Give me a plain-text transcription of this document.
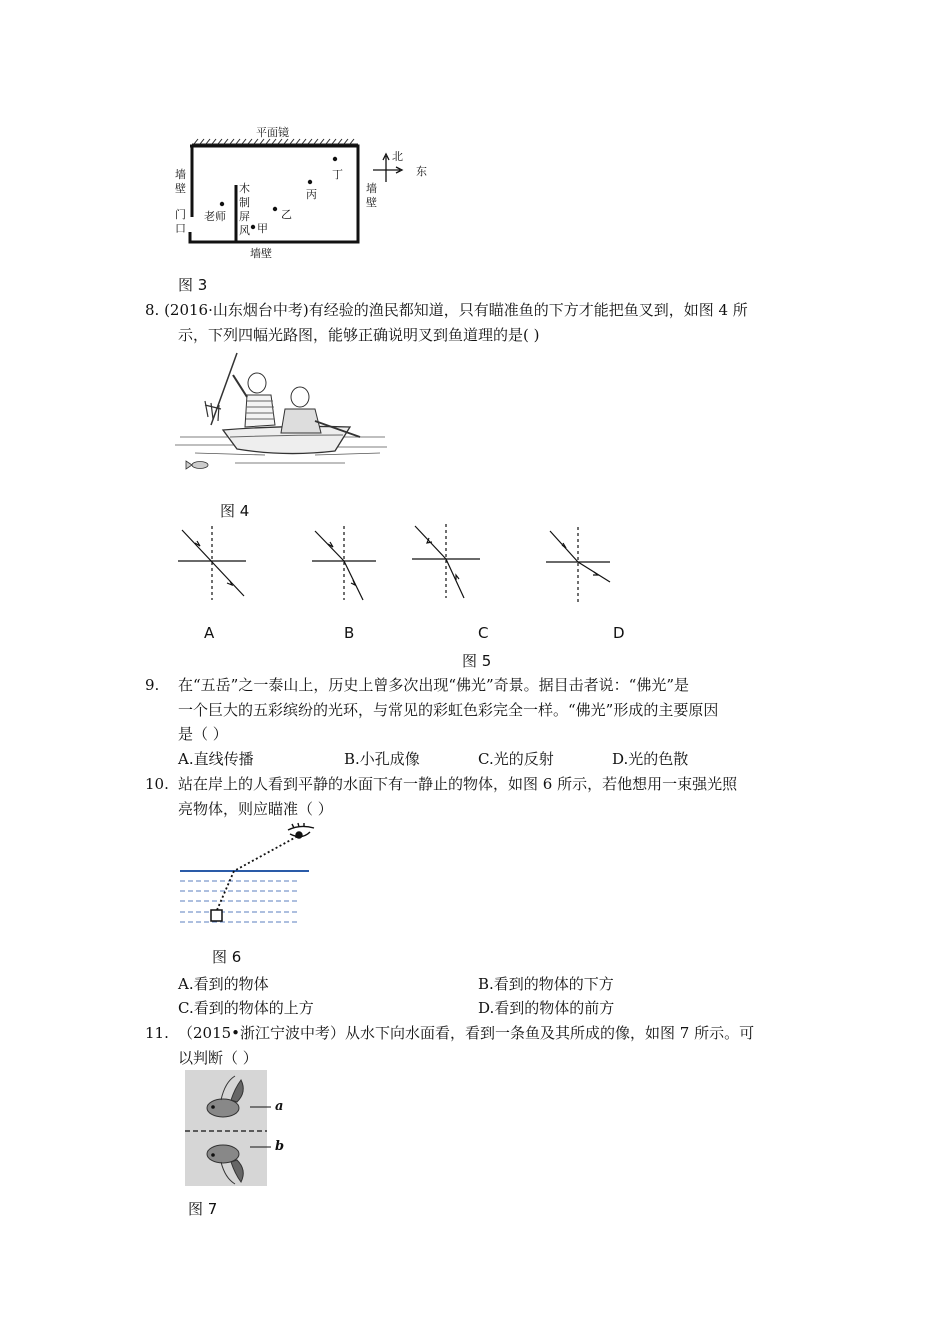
平面镜
墙壁
门口
墙壁
墙壁
木
制
屏
风
老师
甲
乙
丙
丁
北
东
图 3
8. (2016·山东烟台中考)有经验的渔民都知道，只有瞄准鱼的下方才能把鱼叉到，如图 4 所
示，下列四幅光路图，能够正确说明叉到鱼道理的是( )
图 4
A	B	C	D
图 5
9.	在“五岳”之一泰山上，历史上曾多次出现“佛光”奇景。据目击者说：“佛光”是
一个巨大的五彩缤纷的光环，与常见的彩虹色彩完全一样。“佛光”形成的主要原因
是（ ）
A.直线传播	B.小孔成像	C.光的反射	D.光的色散
10. 站在岸上的人看到平静的水面下有一静止的物体，如图 6 所示，若他想用一束强光照
亮物体，则应瞄准（ ）
图 6
A.看到的物体	B.看到的物体的下方
C.看到的物体的上方	D.看到的物体的前方
11. （2015•浙江宁波中考）从水下向水面看，看到一条鱼及其所成的像，如图 7 所示。可
以判断（ ）
a
b
图 7
